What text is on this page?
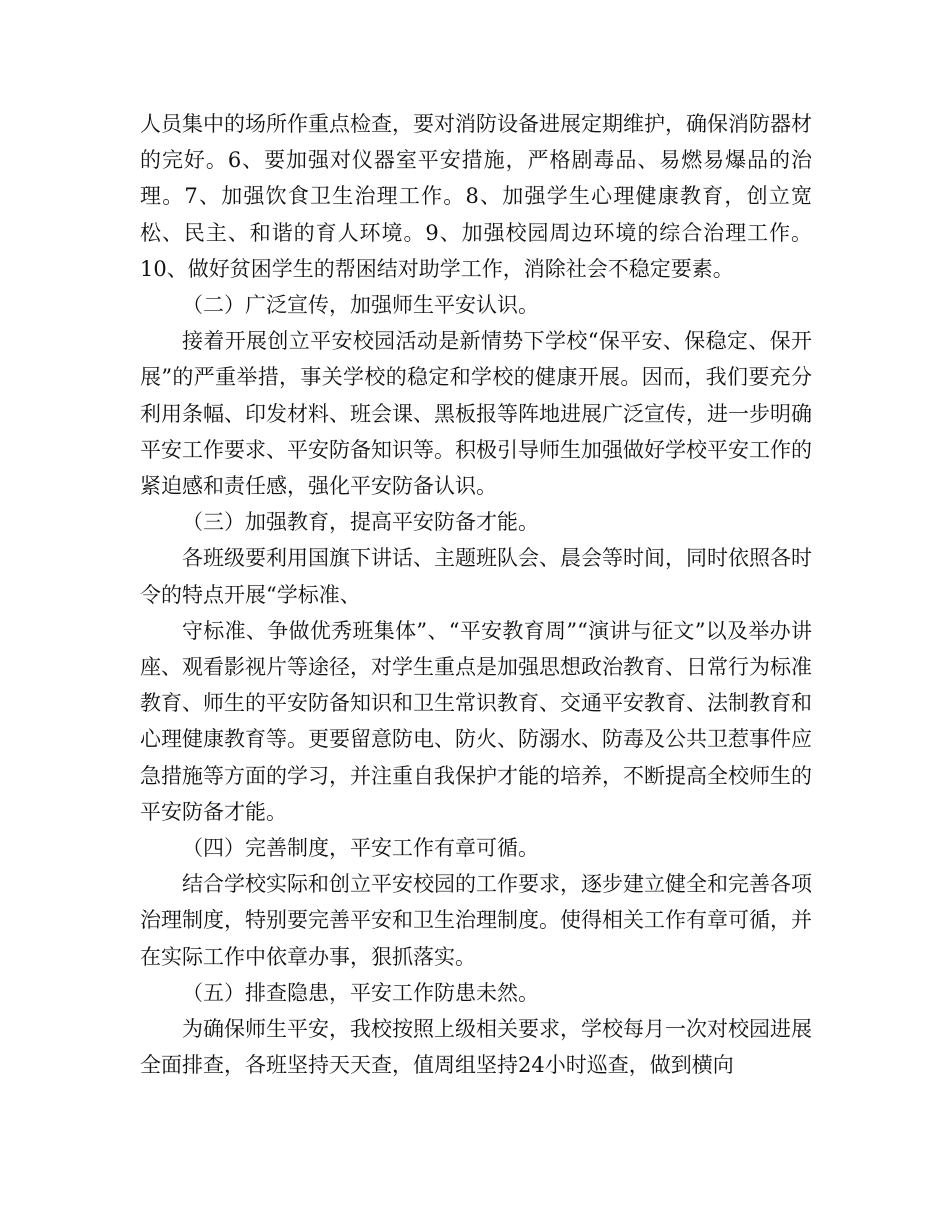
人员集中的场所作重点检查，要对消防设备进展定期维护，确保消防器材的完好。6、要加强对仪器室平安措施，严格剧毒品、易燃易爆品的治理。7、加强饮食卫生治理工作。8、加强学生心理健康教育，创立宽松、民主、和谐的育人环境。9、加强校园周边环境的综合治理工作。10、做好贫困学生的帮困结对助学工作，消除社会不稳定要素。

（二）广泛宣传，加强师生平安认识。

接着开展创立平安校园活动是新情势下学校“保平安、保稳定、保开展”的严重举措，事关学校的稳定和学校的健康开展。因而，我们要充分利用条幅、印发材料、班会课、黑板报等阵地进展广泛宣传，进一步明确平安工作要求、平安防备知识等。积极引导师生加强做好学校平安工作的紧迫感和责任感，强化平安防备认识。

（三）加强教育，提高平安防备才能。

各班级要利用国旗下讲话、主题班队会、晨会等时间，同时依照各时令的特点开展“学标准、

守标准、争做优秀班集体”、“平安教育周”“演讲与征文”以及举办讲座、观看影视片等途径，对学生重点是加强思想政治教育、日常行为标准教育、师生的平安防备知识和卫生常识教育、交通平安教育、法制教育和心理健康教育等。更要留意防电、防火、防溺水、防毒及公共卫惹事件应急措施等方面的学习，并注重自我保护才能的培养，不断提高全校师生的平安防备才能。

（四）完善制度，平安工作有章可循。

结合学校实际和创立平安校园的工作要求，逐步建立健全和完善各项治理制度，特别要完善平安和卫生治理制度。使得相关工作有章可循，并在实际工作中依章办事，狠抓落实。

（五）排查隐患，平安工作防患未然。

为确保师生平安，我校按照上级相关要求，学校每月一次对校园进展全面排查，各班坚持天天查，值周组坚持24小时巡查，做到横向
